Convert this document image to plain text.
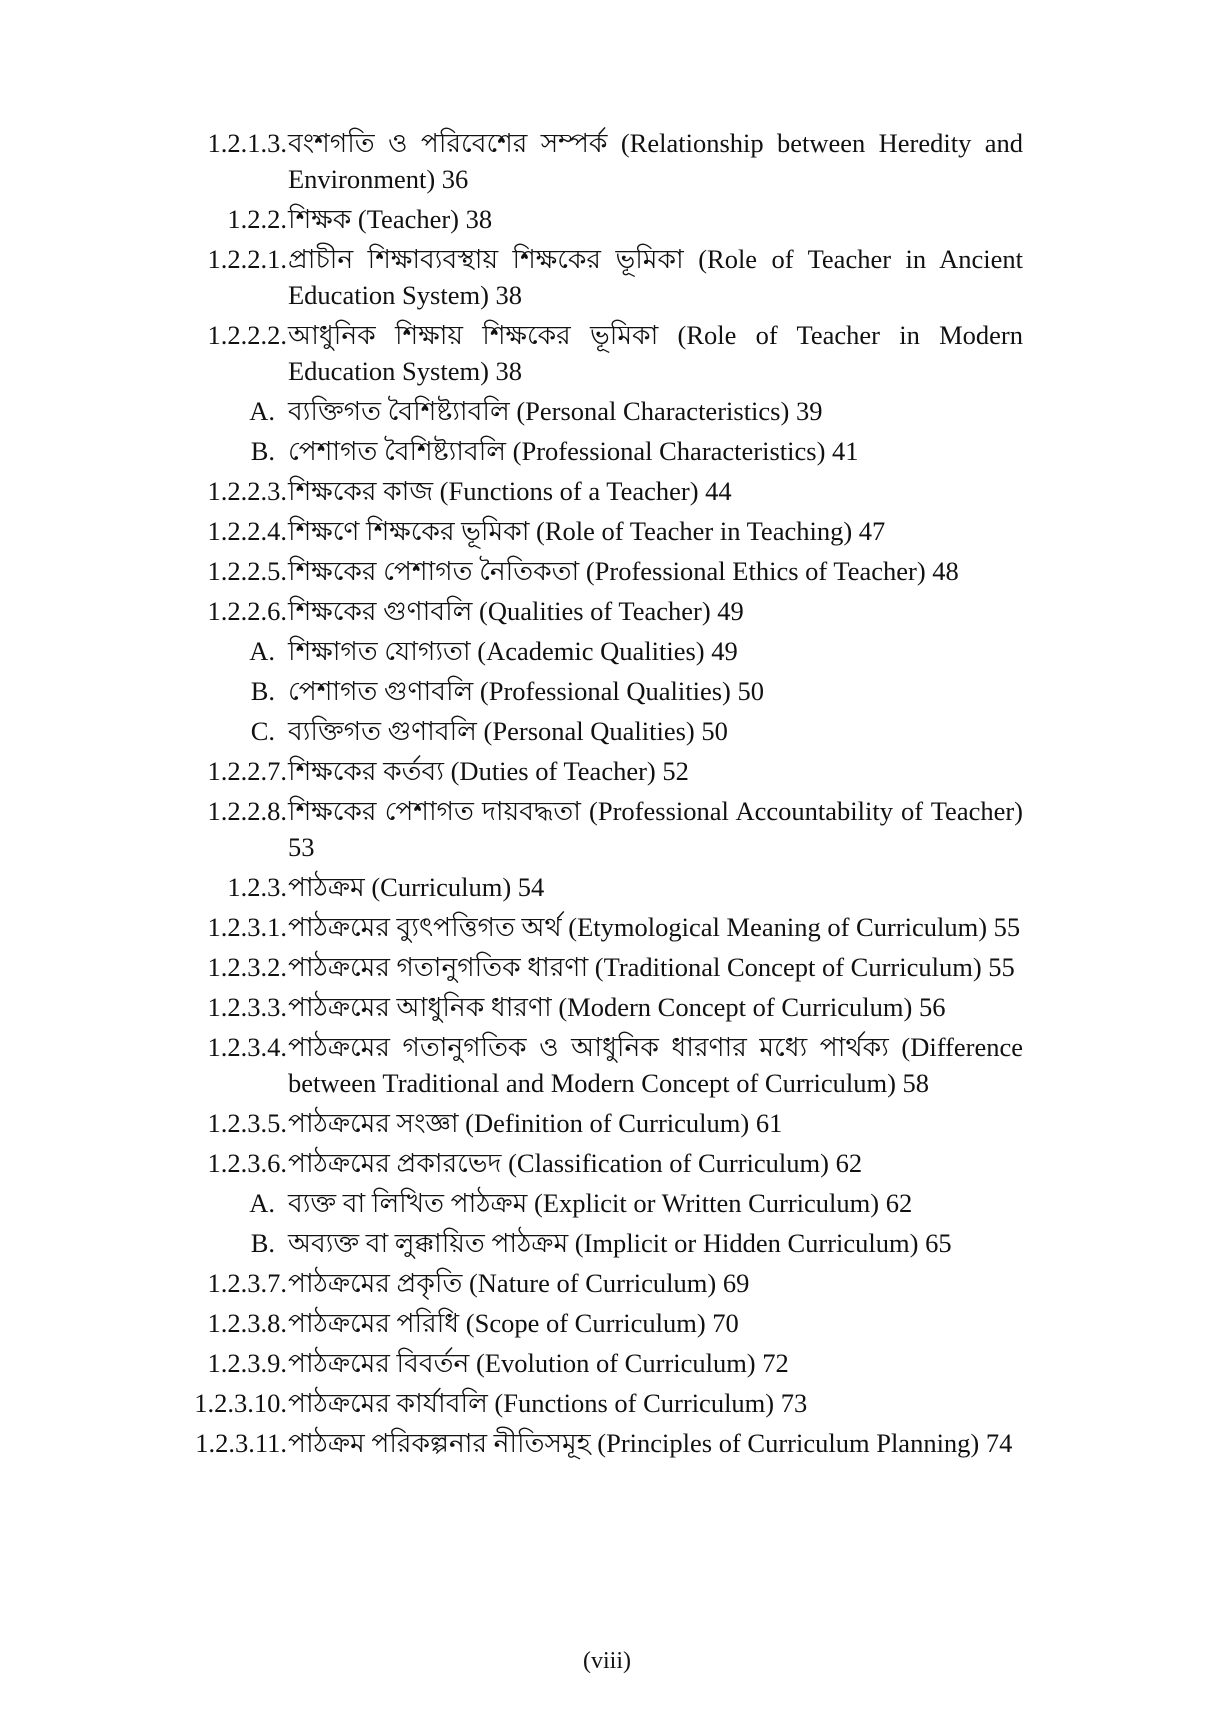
1.2.1.3. বংশগতি ও পরিবেশের সম্পর্ক (Relationship between Heredity and Environment) 36
1.2.2. শিক্ষক (Teacher) 38
1.2.2.1. প্রাচীন শিক্ষাব্যবস্থায় শিক্ষকের ভূমিকা (Role of Teacher in Ancient Education System) 38
1.2.2.2. আধুনিক শিক্ষায় শিক্ষকের ভূমিকা (Role of Teacher in Modern Education System) 38
A. ব্যক্তিগত বৈশিষ্ট্যাবলি (Personal Characteristics) 39
B. পেশাগত বৈশিষ্ট্যাবলি (Professional Characteristics) 41
1.2.2.3. শিক্ষকের কাজ (Functions of a Teacher) 44
1.2.2.4. শিক্ষণে শিক্ষকের ভূমিকা (Role of Teacher in Teaching) 47
1.2.2.5. শিক্ষকের পেশাগত নৈতিকতা (Professional Ethics of Teacher) 48
1.2.2.6. শিক্ষকের গুণাবলি (Qualities of Teacher) 49
A. শিক্ষাগত যোগ্যতা (Academic Qualities) 49
B. পেশাগত গুণাবলি (Professional Qualities) 50
C. ব্যক্তিগত গুণাবলি (Personal Qualities) 50
1.2.2.7. শিক্ষকের কর্তব্য (Duties of Teacher) 52
1.2.2.8. শিক্ষকের পেশাগত দায়বদ্ধতা (Professional Accountability of Teacher) 53
1.2.3. পাঠক্রম (Curriculum) 54
1.2.3.1. পাঠক্রমের ব্যুৎপত্তিগত অর্থ (Etymological Meaning of Curriculum) 55
1.2.3.2. পাঠক্রমের গতানুগতিক ধারণা (Traditional Concept of Curriculum) 55
1.2.3.3. পাঠক্রমের আধুনিক ধারণা (Modern Concept of Curriculum) 56
1.2.3.4. পাঠক্রমের গতানুগতিক ও আধুনিক ধারণার মধ্যে পার্থক্য (Difference between Traditional and Modern Concept of Curriculum) 58
1.2.3.5. পাঠক্রমের সংজ্ঞা (Definition of Curriculum) 61
1.2.3.6. পাঠক্রমের প্রকারভেদ (Classification of Curriculum) 62
A. ব্যক্ত বা লিখিত পাঠক্রম (Explicit or Written Curriculum) 62
B. অব্যক্ত বা লুক্কায়িত পাঠক্রম (Implicit or Hidden Curriculum) 65
1.2.3.7. পাঠক্রমের প্রকৃতি (Nature of Curriculum) 69
1.2.3.8. পাঠক্রমের পরিধি (Scope of Curriculum) 70
1.2.3.9. পাঠক্রমের বিবর্তন (Evolution of Curriculum) 72
1.2.3.10. পাঠক্রমের কার্যাবলি (Functions of Curriculum) 73
1.2.3.11. পাঠক্রম পরিকল্পনার নীতিসমূহ (Principles of Curriculum Planning) 74
(viii)
